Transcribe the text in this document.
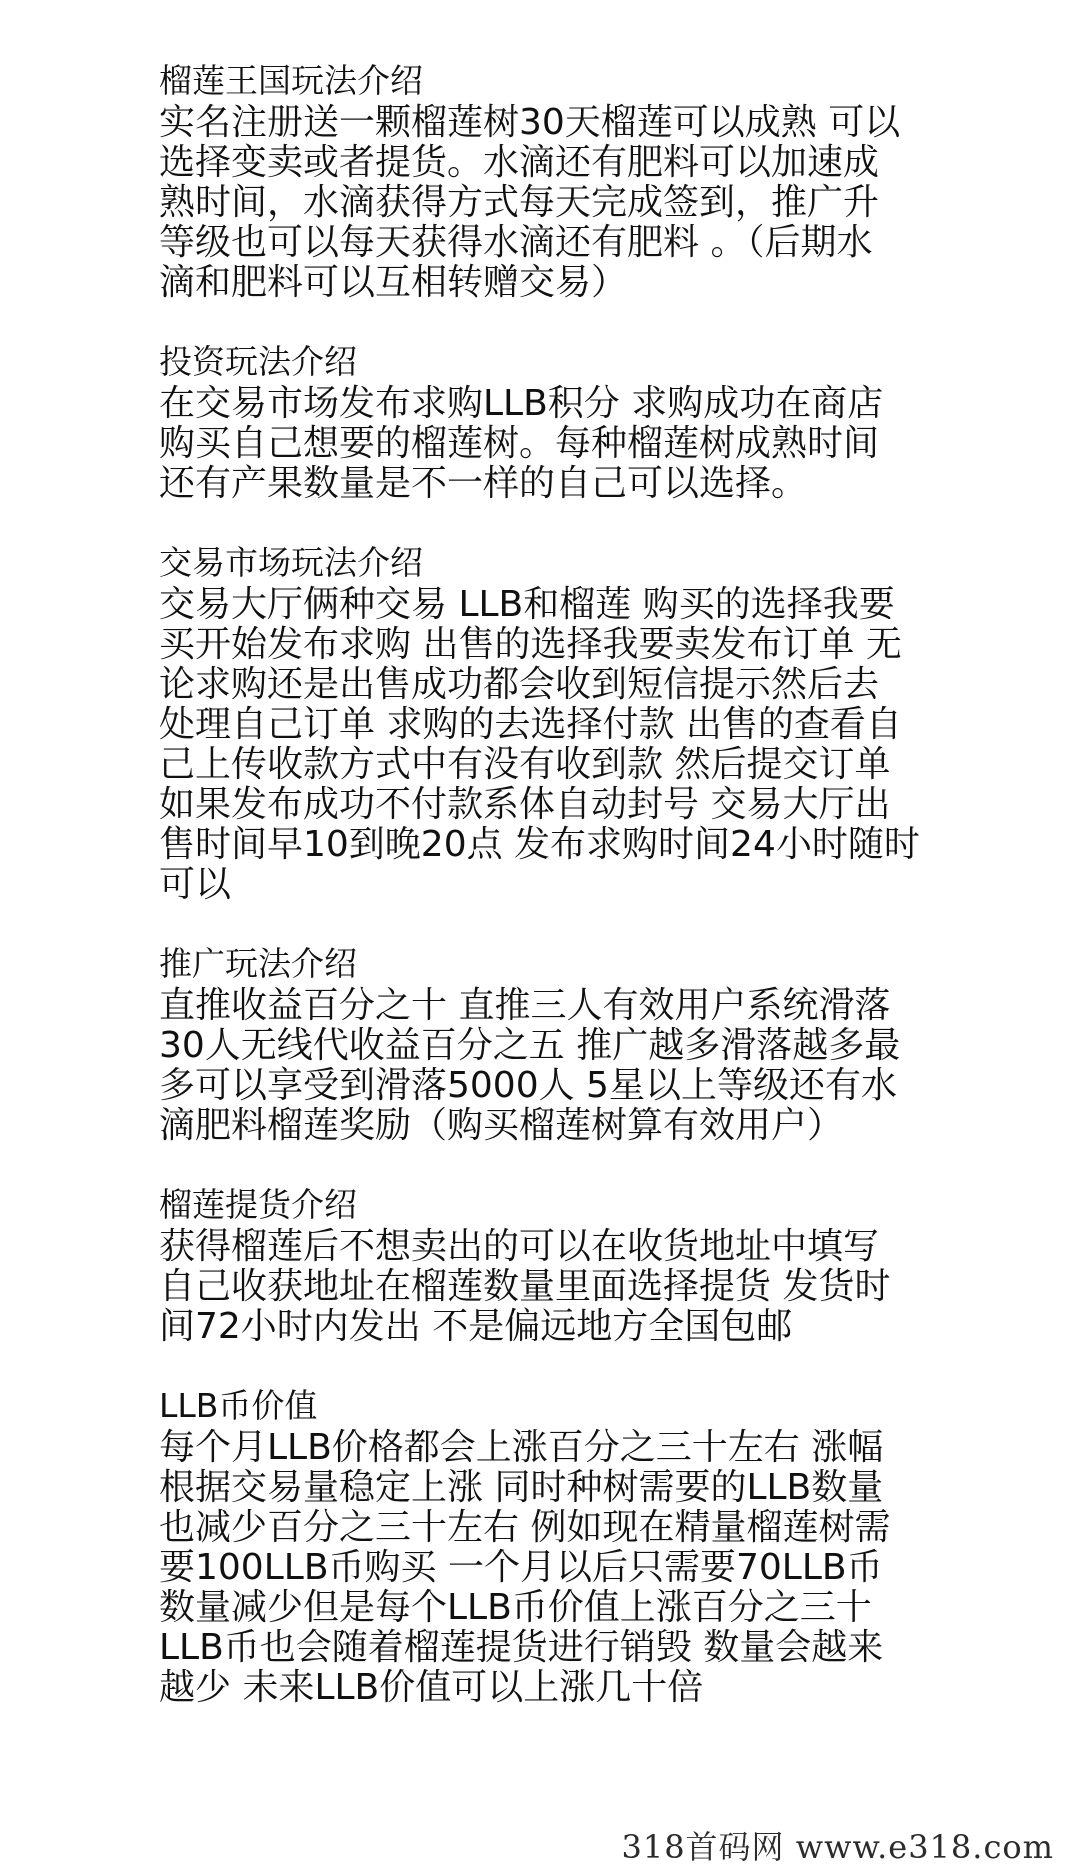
榴莲王国玩法介绍
实名注册送一颗榴莲树30天榴莲可以成熟 可以
选择变卖或者提货。水滴还有肥料可以加速成
熟时间，水滴获得方式每天完成签到，推广升
等级也可以每天获得水滴还有肥料 。（后期水
滴和肥料可以互相转赠交易）
投资玩法介绍
在交易市场发布求购LLB积分 求购成功在商店
购买自己想要的榴莲树。每种榴莲树成熟时间
还有产果数量是不一样的自己可以选择。
交易市场玩法介绍
交易大厅俩种交易 LLB和榴莲 购买的选择我要
买开始发布求购 出售的选择我要卖发布订单 无
论求购还是出售成功都会收到短信提示然后去
处理自己订单 求购的去选择付款 出售的查看自
己上传收款方式中有没有收到款 然后提交订单
如果发布成功不付款系体自动封号 交易大厅出
售时间早10到晚20点 发布求购时间24小时随时
可以
推广玩法介绍
直推收益百分之十 直推三人有效用户系统滑落
30人无线代收益百分之五 推广越多滑落越多最
多可以享受到滑落5000人 5星以上等级还有水
滴肥料榴莲奖励（购买榴莲树算有效用户）
榴莲提货介绍
获得榴莲后不想卖出的可以在收货地址中填写
自己收获地址在榴莲数量里面选择提货 发货时
间72小时内发出 不是偏远地方全国包邮
LLB币价值
每个月LLB价格都会上涨百分之三十左右 涨幅
根据交易量稳定上涨 同时种树需要的LLB数量
也减少百分之三十左右 例如现在精量榴莲树需
要100LLB币购买 一个月以后只需要70LLB币
数量减少但是每个LLB币价值上涨百分之三十
LLB币也会随着榴莲提货进行销毁 数量会越来
越少 未来LLB价值可以上涨几十倍
318首码网 www.e318.com
